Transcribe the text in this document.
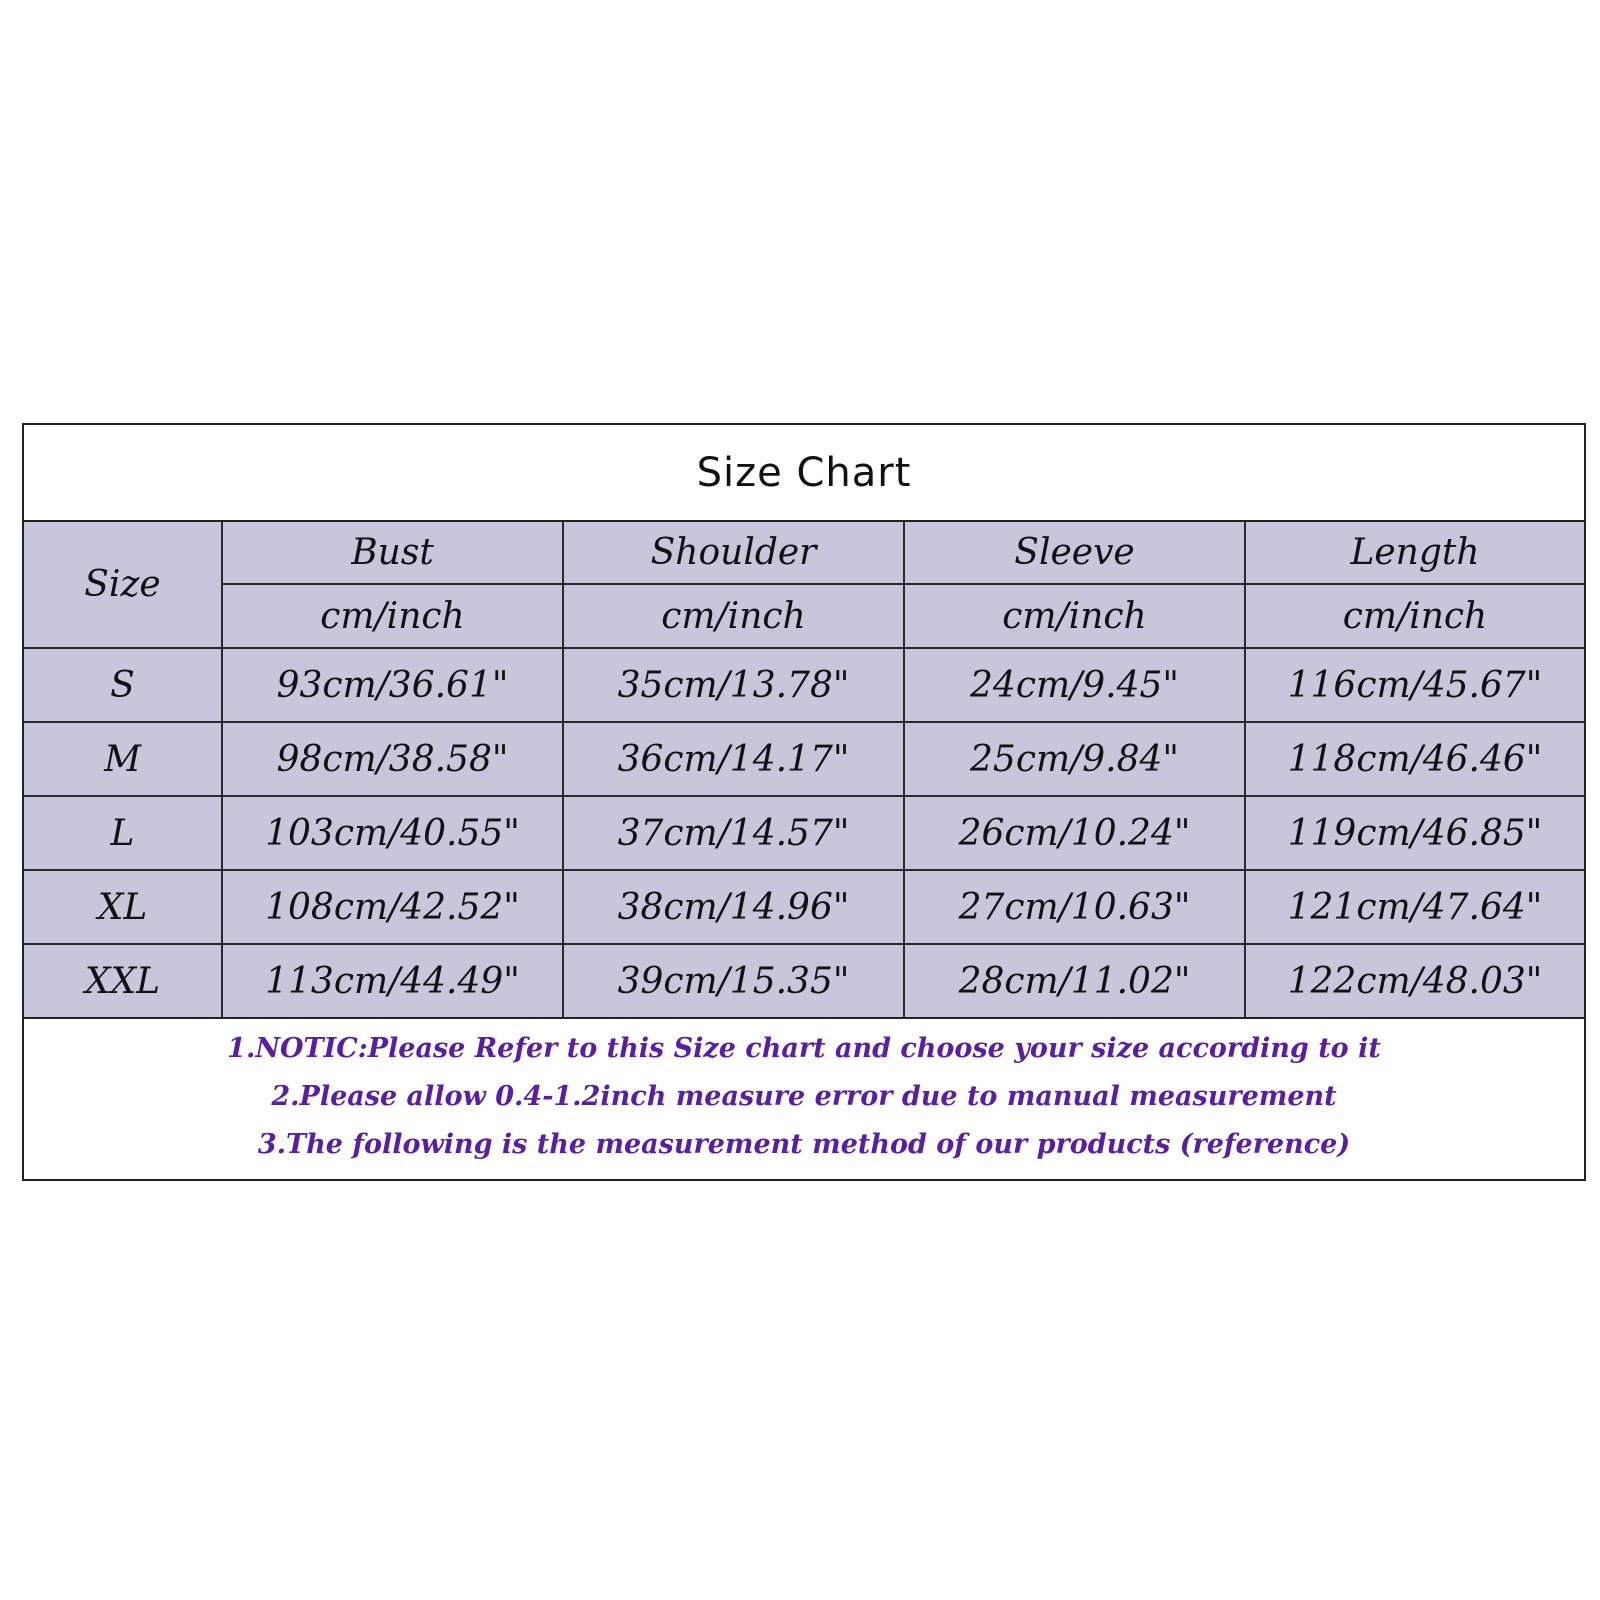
Size Chart
Size	Bust	Shoulder	Sleeve	Length
	cm/inch	cm/inch	cm/inch	cm/inch
S	93cm/36.61"	35cm/13.78"	24cm/9.45"	116cm/45.67"
M	98cm/38.58"	36cm/14.17"	25cm/9.84"	118cm/46.46"
L	103cm/40.55"	37cm/14.57"	26cm/10.24"	119cm/46.85"
XL	108cm/42.52"	38cm/14.96"	27cm/10.63"	121cm/47.64"
XXL	113cm/44.49"	39cm/15.35"	28cm/11.02"	122cm/48.03"
1.NOTIC:Please Refer to this Size chart and choose your size according to it
2.Please allow 0.4-1.2inch measure error due to manual measurement
3.The following is the measurement method of our products (reference)
